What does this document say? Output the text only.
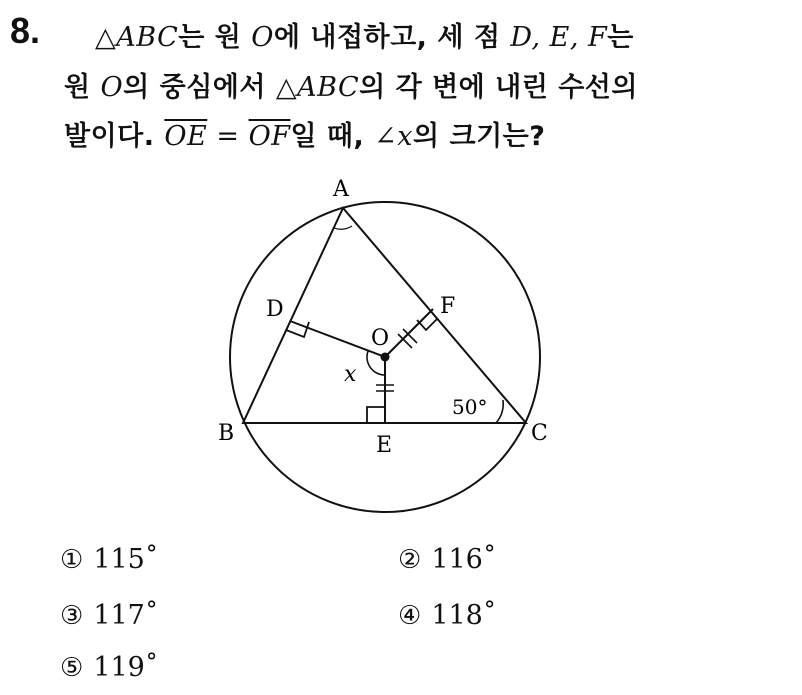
8. △ABC는 원 O에 내접하고, 세 점 D, E, F는
원 O의 중심에서 △ABC의 각 변에 내린 수선의
발이다. $\overline{OE} = \overline{OF}$일 때, ∠x의 크기는?
A
B	C
D
E
F
O
x
50°
① 115˚	② 116˚
③ 117˚	④ 118˚
⑤ 119˚
